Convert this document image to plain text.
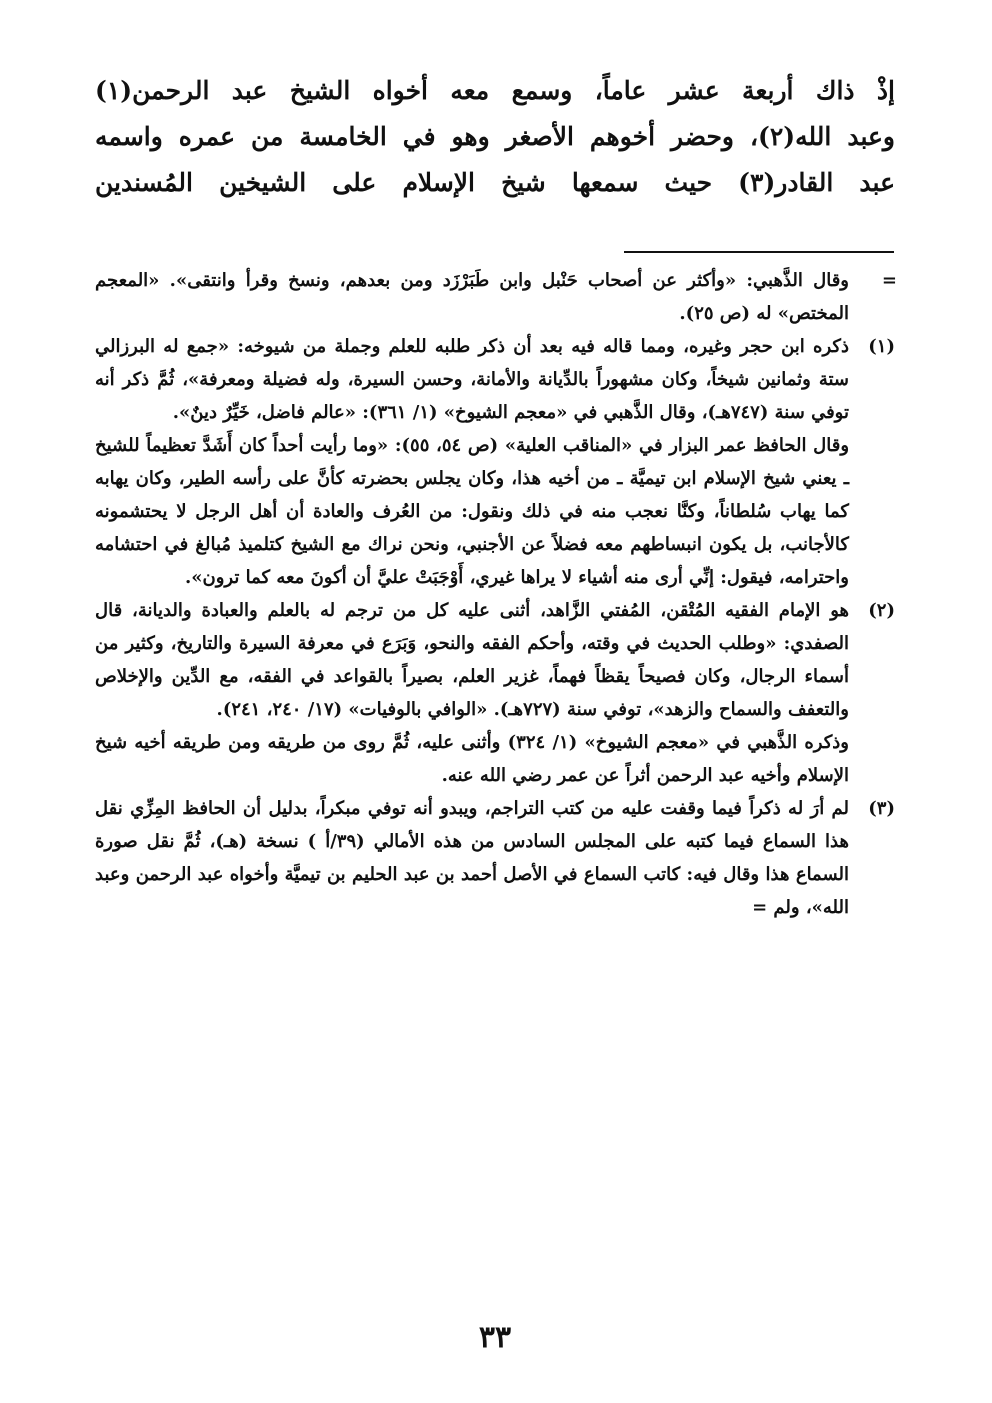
إذْ ذاك أربعة عشر عاماً، وسمع معه أخواه الشيخ عبد الرحمن(١)

وعبد الله(٢)، وحضر أخوهم الأصغر وهو في الخامسة من عمره واسمه

عبد القادر(٣) حيث سمعها شيخ الإسلام على الشيخين المُسندين

=

وقال الذَّهبي: «وأكثر عن أصحاب حَنْبل وابن طَبَرْزَد ومن بعدهم، ونسخ وقرأ وانتقى». «المعجم المختص» له (ص ٢٥).

(١)

ذكره ابن حجر وغيره، ومما قاله فيه بعد أن ذكر طلبه للعلم وجملة من شيوخه: «جمع له البرزالي ستة وثمانين شيخاً، وكان مشهوراً بالدِّيانة والأمانة، وحسن السيرة، وله فضيلة ومعرفة»، ثُمَّ ذكر أنه توفي سنة (٧٤٧هـ)، وقال الذَّهبي في «معجم الشيوخ» (١/ ٣٦١): «عالم فاضل، خَيِّرٌ دينٌ».

وقال الحافظ عمر البزار في «المناقب العلية» (ص ٥٤، ٥٥): «وما رأيت أحداً كان أَشَدَّ تعظيماً للشيخ ـ يعني شيخ الإسلام ابن تيميَّة ـ من أخيه هذا، وكان يجلس بحضرته كأنَّ على رأسه الطير، وكان يهابه كما يهاب سُلطاناً، وكنَّا نعجب منه في ذلك ونقول: من العُرف والعادة أن أهل الرجل لا يحتشمونه كالأجانب، بل يكون انبساطهم معه فضلاً عن الأجنبي، ونحن نراك مع الشيخ كتلميذ مُبالغ في احتشامه واحترامه، فيقول: إنِّي أرى منه أشياء لا يراها غيري، أَوْجَبَتْ عليَّ أن أكونَ معه كما ترون».

(٢)

هو الإمام الفقيه المُتْقن، المُفتي الزَّاهد، أثنى عليه كل من ترجم له بالعلم والعبادة والديانة، قال الصفدي: «وطلب الحديث في وقته، وأحكم الفقه والنحو، وَبَرَع في معرفة السيرة والتاريخ، وكثير من أسماء الرجال، وكان فصيحاً يقظاً فهماً، غزير العلم، بصيراً بالقواعد في الفقه، مع الدِّين والإخلاص والتعفف والسماح والزهد»، توفي سنة (٧٢٧هـ). «الوافي بالوفيات» (١٧/ ٢٤٠، ٢٤١).

وذكره الذَّهبي في «معجم الشيوخ» (١/ ٣٢٤) وأثنى عليه، ثُمَّ روى من طريقه ومن طريقه أخيه شيخ الإسلام وأخيه عبد الرحمن أثراً عن عمر رضي الله عنه.

(٣)

لم أرَ له ذكراً فيما وقفت عليه من كتب التراجم، ويبدو أنه توفي مبكراً، بدليل أن الحافظ المِزِّي نقل هذا السماع فيما كتبه على المجلس السادس من هذه الأمالي (٣٩/أ ) نسخة (هـ)، ثُمَّ نقل صورة السماع هذا وقال فيه: كاتب السماع في الأصل أحمد بن عبد الحليم بن تيميَّة وأخواه عبد الرحمن وعبد الله»، ولم =

٣٣
